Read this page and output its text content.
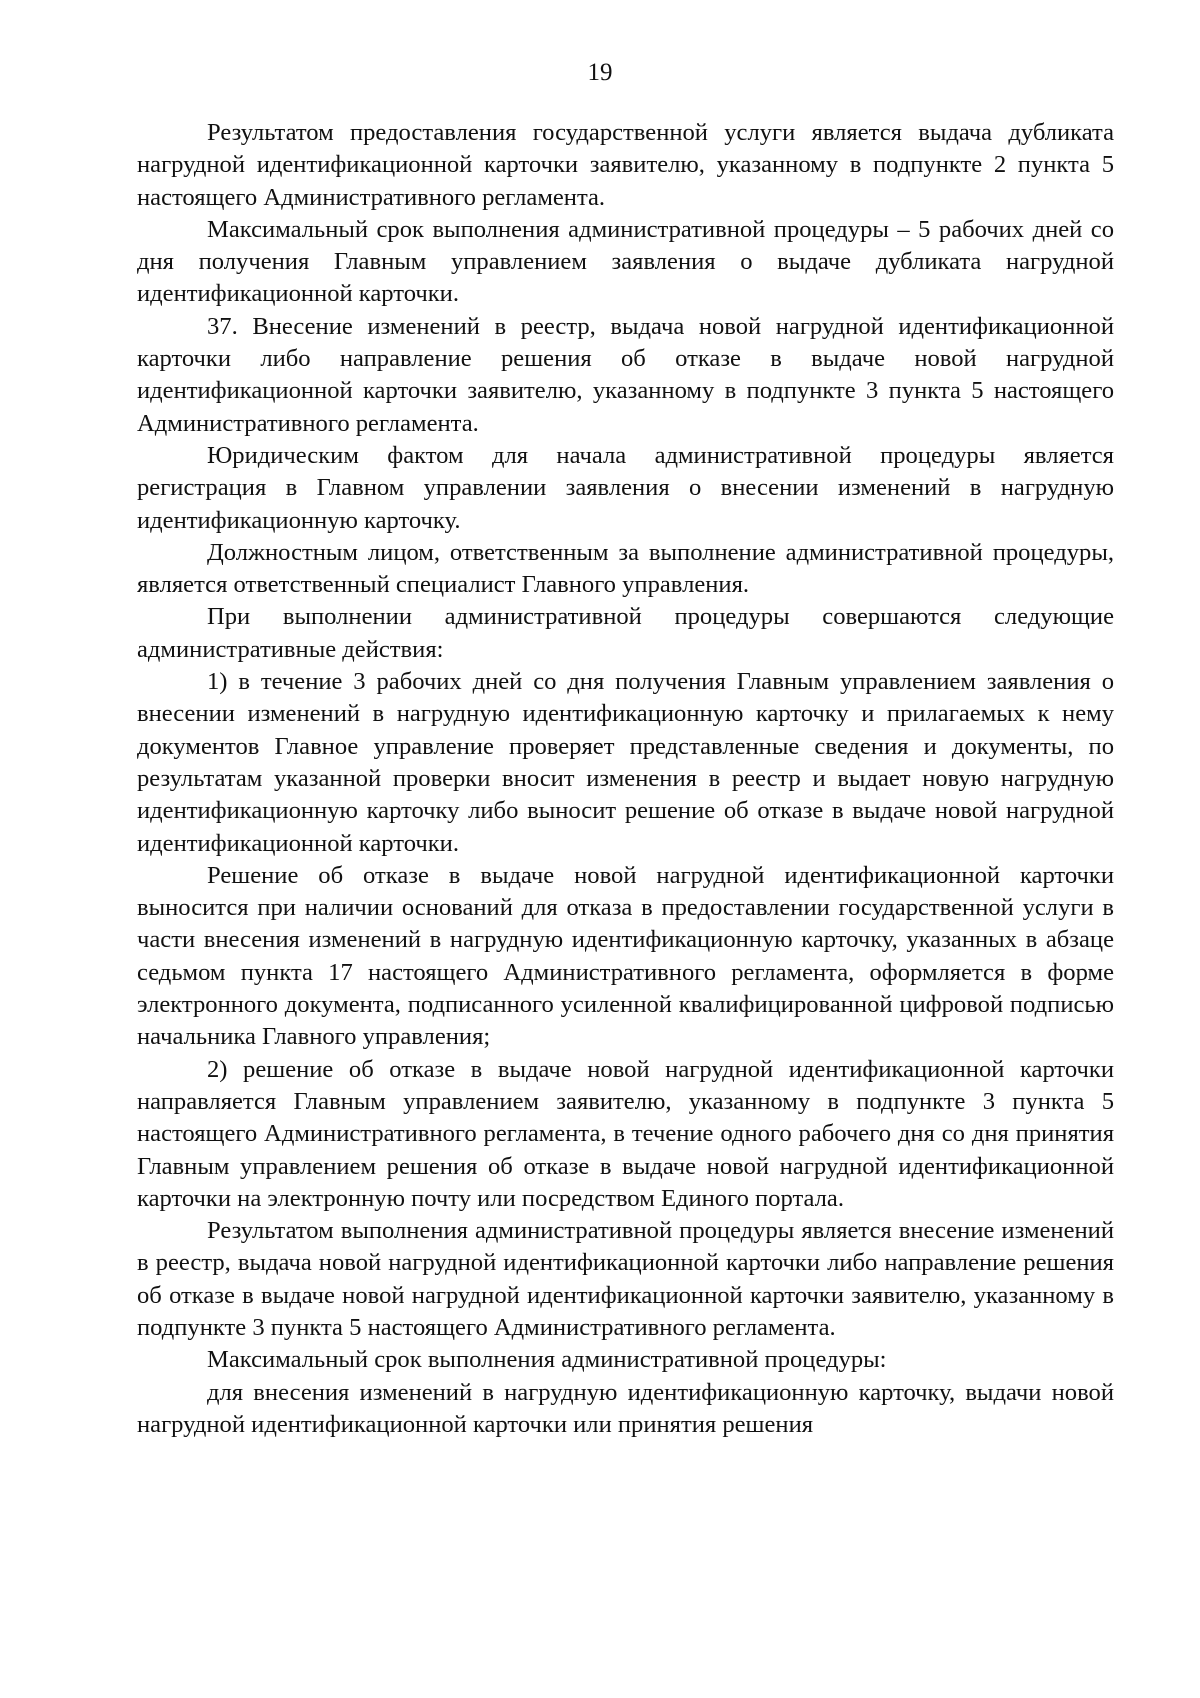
19

Результатом предоставления государственной услуги является выдача дубликата нагрудной идентификационной карточки заявителю, указанному в подпункте 2 пункта 5 настоящего Административного регламента.

Максимальный срок выполнения административной процедуры – 5 рабочих дней со дня получения Главным управлением заявления о выдаче дубликата нагрудной идентификационной карточки.

37. Внесение изменений в реестр, выдача новой нагрудной идентификационной карточки либо направление решения об отказе в выдаче новой нагрудной идентификационной карточки заявителю, указанному в подпункте 3 пункта 5 настоящего Административного регламента.

Юридическим фактом для начала административной процедуры является регистрация в Главном управлении заявления о внесении изменений в нагрудную идентификационную карточку.

Должностным лицом, ответственным за выполнение административной процедуры, является ответственный специалист Главного управления.

При выполнении административной процедуры совершаются следующие административные действия:

1) в течение 3 рабочих дней со дня получения Главным управлением заявления о внесении изменений в нагрудную идентификационную карточку и прилагаемых к нему документов Главное управление проверяет представленные сведения и документы, по результатам указанной проверки вносит изменения в реестр и выдает новую нагрудную идентификационную карточку либо выносит решение об отказе в выдаче новой нагрудной идентификационной карточки.

Решение об отказе в выдаче новой нагрудной идентификационной карточки выносится при наличии оснований для отказа в предоставлении государственной услуги в части внесения изменений в нагрудную идентификационную карточку, указанных в абзаце седьмом пункта 17 настоящего Административного регламента, оформляется в форме электронного документа, подписанного усиленной квалифицированной цифровой подписью начальника Главного управления;

2) решение об отказе в выдаче новой нагрудной идентификационной карточки направляется Главным управлением заявителю, указанному в подпункте 3 пункта 5 настоящего Административного регламента, в течение одного рабочего дня со дня принятия Главным управлением решения об отказе в выдаче новой нагрудной идентификационной карточки на электронную почту или посредством Единого портала.

Результатом выполнения административной процедуры является внесение изменений в реестр, выдача новой нагрудной идентификационной карточки либо направление решения об отказе в выдаче новой нагрудной идентификационной карточки заявителю, указанному в подпункте 3 пункта 5 настоящего Административного регламента.

Максимальный срок выполнения административной процедуры:

для внесения изменений в нагрудную идентификационную карточку, выдачи новой нагрудной идентификационной карточки или принятия решения
